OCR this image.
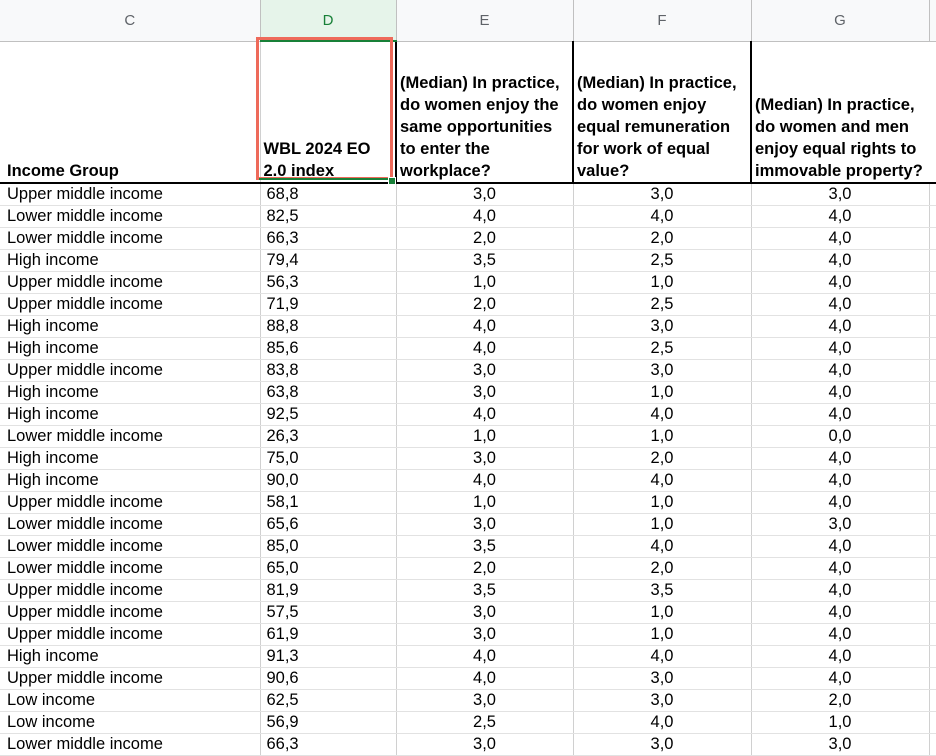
C	D	E	F	G	
Income Group	WBL 2024 EO 2.0 index	(Median) In practice, do women enjoy the same opportunities to enter the workplace?	(Median) In practice, do women enjoy equal remuneration for work of equal value?	(Median) In practice, do women and men enjoy equal rights to immovable property?	
Upper middle income	68,8	3,0	3,0	3,0	
Lower middle income	82,5	4,0	4,0	4,0	
Lower middle income	66,3	2,0	2,0	4,0	
High income	79,4	3,5	2,5	4,0	
Upper middle income	56,3	1,0	1,0	4,0	
Upper middle income	71,9	2,0	2,5	4,0	
High income	88,8	4,0	3,0	4,0	
High income	85,6	4,0	2,5	4,0	
Upper middle income	83,8	3,0	3,0	4,0	
High income	63,8	3,0	1,0	4,0	
High income	92,5	4,0	4,0	4,0	
Lower middle income	26,3	1,0	1,0	0,0	
High income	75,0	3,0	2,0	4,0	
High income	90,0	4,0	4,0	4,0	
Upper middle income	58,1	1,0	1,0	4,0	
Lower middle income	65,6	3,0	1,0	3,0	
Lower middle income	85,0	3,5	4,0	4,0	
Lower middle income	65,0	2,0	2,0	4,0	
Upper middle income	81,9	3,5	3,5	4,0	
Upper middle income	57,5	3,0	1,0	4,0	
Upper middle income	61,9	3,0	1,0	4,0	
High income	91,3	4,0	4,0	4,0	
Upper middle income	90,6	4,0	3,0	4,0	
Low income	62,5	3,0	3,0	2,0	
Low income	56,9	2,5	4,0	1,0	
Lower middle income	66,3	3,0	3,0	3,0	
